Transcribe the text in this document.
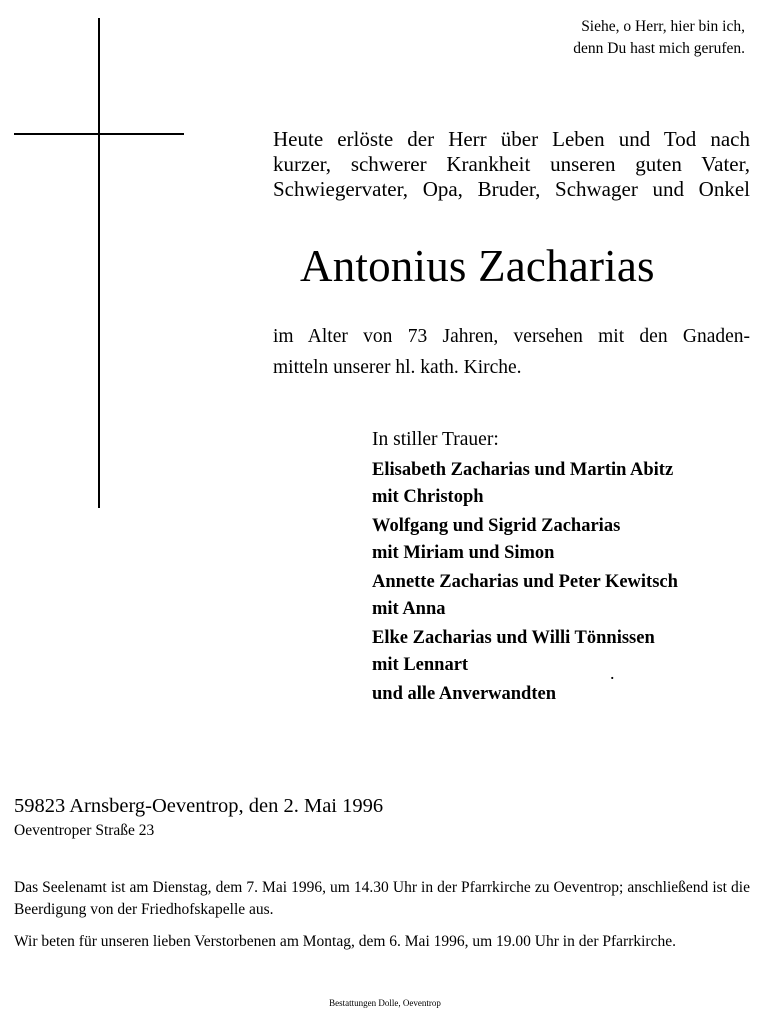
Siehe, o Herr, hier bin ich,
denn Du hast mich gerufen.
Heute erlöste der Herr über Leben und Tod nach
kurzer, schwerer Krankheit unseren guten Vater,
Schwiegervater, Opa, Bruder, Schwager und Onkel
Antonius Zacharias
im Alter von 73 Jahren, versehen mit den Gnaden-
mitteln unserer hl. kath. Kirche.
In stiller Trauer:
Elisabeth Zacharias und Martin Abitz
mit Christoph
Wolfgang und Sigrid Zacharias
mit Miriam und Simon
Annette Zacharias und Peter Kewitsch
mit Anna
Elke Zacharias und Willi Tönnissen
mit Lennart
und alle Anverwandten
.
59823 Arnsberg-Oeventrop, den 2. Mai 1996
Oeventroper Straße 23
Das Seelenamt ist am Dienstag, dem 7. Mai 1996, um 14.30 Uhr in der Pfarrkirche zu Oeventrop; anschließend ist die Beerdigung von der Friedhofskapelle aus.
Wir beten für unseren lieben Verstorbenen am Montag, dem 6. Mai 1996, um 19.00 Uhr in der Pfarrkirche.
Bestattungen Dolle, Oeventrop
